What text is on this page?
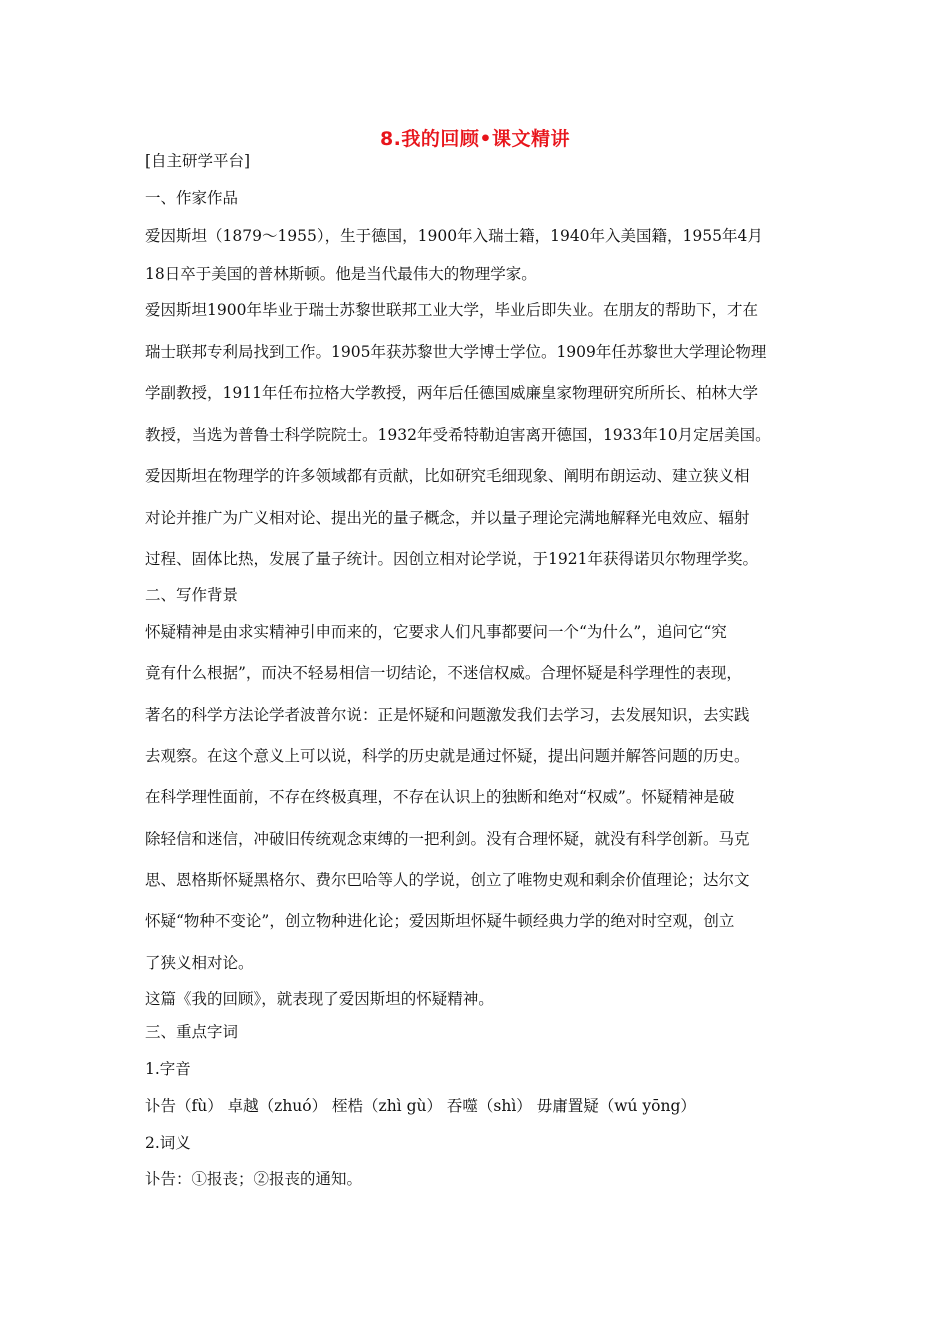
8.我的回顾•课文精讲
[自主研学平台]
一、作家作品
爱因斯坦（1879～1955），生于德国，1900年入瑞士籍，1940年入美国籍，1955年4月
18日卒于美国的普林斯顿。他是当代最伟大的物理学家。
爱因斯坦1900年毕业于瑞士苏黎世联邦工业大学，毕业后即失业。在朋友的帮助下，才在
瑞士联邦专利局找到工作。1905年获苏黎世大学博士学位。1909年任苏黎世大学理论物理
学副教授，1911年任布拉格大学教授，两年后任德国威廉皇家物理研究所所长、柏林大学
教授，当选为普鲁士科学院院士。1932年受希特勒迫害离开德国，1933年10月定居美国。
爱因斯坦在物理学的许多领域都有贡献，比如研究毛细现象、阐明布朗运动、建立狭义相
对论并推广为广义相对论、提出光的量子概念，并以量子理论完满地解释光电效应、辐射
过程、固体比热，发展了量子统计。因创立相对论学说，于1921年获得诺贝尔物理学奖。
二、写作背景
怀疑精神是由求实精神引申而来的，它要求人们凡事都要问一个“为什么”，追问它“究
竟有什么根据”，而决不轻易相信一切结论，不迷信权威。合理怀疑是科学理性的表现，
著名的科学方法论学者波普尔说：正是怀疑和问题激发我们去学习，去发展知识，去实践
去观察。在这个意义上可以说，科学的历史就是通过怀疑，提出问题并解答问题的历史。
在科学理性面前，不存在终极真理，不存在认识上的独断和绝对“权威”。怀疑精神是破
除轻信和迷信，冲破旧传统观念束缚的一把利剑。没有合理怀疑，就没有科学创新。马克
思、恩格斯怀疑黑格尔、费尔巴哈等人的学说，创立了唯物史观和剩余价值理论；达尔文
怀疑“物种不变论”，创立物种进化论；爱因斯坦怀疑牛顿经典力学的绝对时空观，创立
了狭义相对论。
这篇《我的回顾》，就表现了爱因斯坦的怀疑精神。
三、重点字词
1.字音
讣告（fù） 卓越（zhuó） 桎梏（zhì gù） 吞噬（shì） 毋庸置疑（wú yōng）
2.词义
讣告：①报丧；②报丧的通知。
